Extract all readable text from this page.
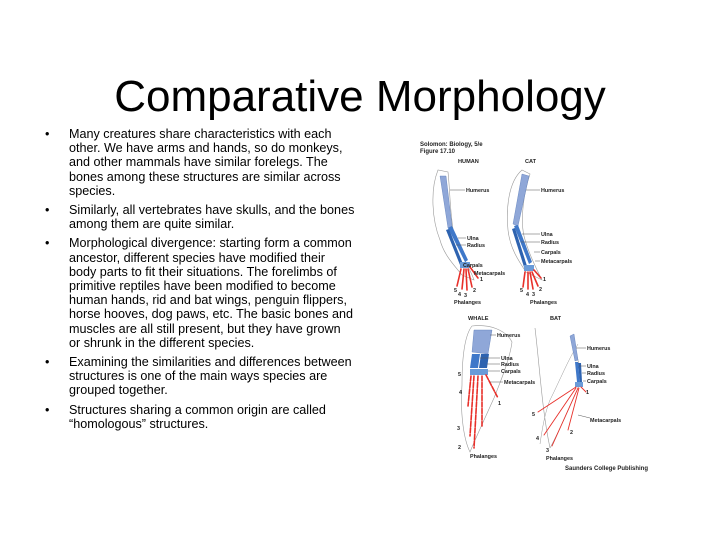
Comparative Morphology
• Many creatures share characteristics with each other. We have arms and hands, so do monkeys, and other mammals have similar forelegs. The bones among these structures are similar across species.
• Similarly, all vertebrates have skulls, and the bones among them are quite similar.
• Morphological divergence: starting form a common ancestor, different species have modified their body parts to fit their situations. The forelimbs of primitive reptiles have been modified to become human hands, rid and bat wings, penguin flippers, horse hooves, dog paws, etc. The basic bones and muscles are all still present, but they have grown or shrunk in the different species.
• Examining the similarities and differences between structures is one of the main ways species are grouped together.
• Structures sharing a common origin are called “homologous” structures.
Solomon: Biology, 5/e
Figure 17.10
HUMAN
Humerus
Ulna
Radius
Carpals
Metacarpals
5
4 3
2
1
Phalanges
CAT
Humerus
Ulna
Radius
Carpals
Metacarpals
5
4 3
2
1
Phalanges
WHALE
Humerus
Ulna
Radius
Carpals
Metacarpals
5
4
3
2
1
Phalanges
BAT
Humerus
Ulna
Radius
Carpals
Metacarpals
5
4
3
2
1
Phalanges
Saunders College Publishing
